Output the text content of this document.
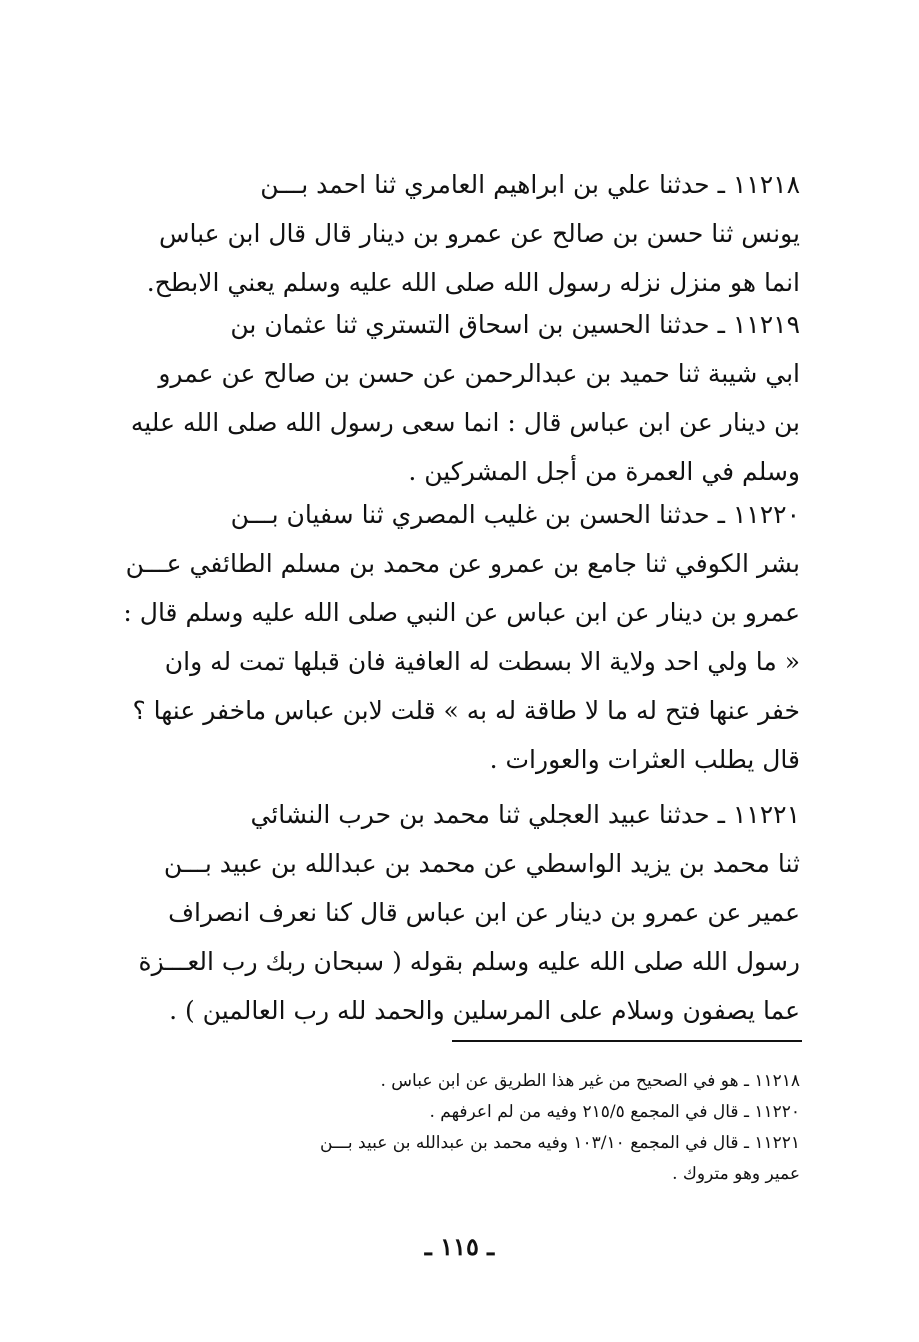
١١٢١٨ ـ حدثنا علي بن ابراهيم العامري ثنا احمد بـــن
يونس ثنا حسن بن صالح عن عمرو بن دينار قال قال ابن عباس
انما هو منزل نزله رسول الله صلى الله عليه وسلم يعني الابطح.

١١٢١٩ ـ حدثنا الحسين بن اسحاق التستري ثنا عثمان بن
ابي شيبة ثنا حميد بن عبدالرحمن عن حسن بن صالح عن عمرو
بن دينار عن ابن عباس قال : انما سعى رسول الله صلى الله عليه
وسلم في العمرة من أجل المشركين .

١١٢٢٠ ـ حدثنا الحسن بن غليب المصري ثنا سفيان بـــن
بشر الكوفي ثنا جامع بن عمرو عن محمد بن مسلم الطائفي عـــن
عمرو بن دينار عن ابن عباس عن النبي صلى الله عليه وسلم قال :
« ما ولي احد ولاية الا بسطت له العافية فان قبلها تمت له وان
خفر عنها فتح له ما لا طاقة له به » قلت لابن عباس ماخفر عنها ؟
قال يطلب العثرات والعورات .

١١٢٢١ ـ حدثنا عبيد العجلي ثنا محمد بن حرب النشائي
ثنا محمد بن يزيد الواسطي عن محمد بن عبدالله بن عبيد بـــن
عمير عن عمرو بن دينار عن ابن عباس قال كنا نعرف انصراف
رسول الله صلى الله عليه وسلم بقوله ( سبحان ربك رب العـــزة
عما يصفون وسلام على المرسلين والحمد لله رب العالمين ) .

١١٢١٨ ـ هو في الصحيح من غير هذا الطريق عن ابن عباس .
١١٢٢٠ ـ قال في المجمع ٢١٥/٥ وفيه من لم اعرفهم .
١١٢٢١ ـ قال في المجمع ١٠٣/١٠ وفيه محمد بن عبدالله بن عبيد بـــن
عمير وهو متروك .
ـ ١١٥ ـ
